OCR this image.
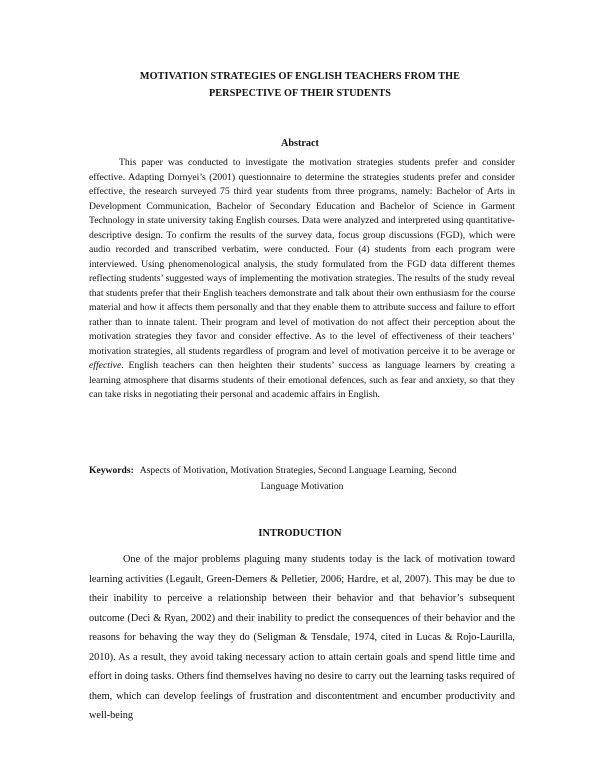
MOTIVATION STRATEGIES OF ENGLISH TEACHERS FROM THE
PERSPECTIVE OF THEIR STUDENTS
Abstract

This paper was conducted to investigate the motivation strategies students prefer and consider effective. Adapting Dornyei’s (2001) questionnaire to determine the strategies students prefer and consider effective, the research surveyed 75 third year students from three programs, namely: Bachelor of Arts in Development Communication, Bachelor of Secondary Education and Bachelor of Science in Garment Technology in state university taking English courses. Data were analyzed and interpreted using quantitative-descriptive design. To confirm the results of the survey data, focus group discussions (FGD), which were audio recorded and transcribed verbatim, were conducted. Four (4) students from each program were interviewed. Using phenomenological analysis, the study formulated from the FGD data different themes reflecting students’ suggested ways of implementing the motivation strategies. The results of the study reveal that students prefer that their English teachers demonstrate and talk about their own enthusiasm for the course material and how it affects them personally and that they enable them to attribute success and failure to effort rather than to innate talent. Their program and level of motivation do not affect their perception about the motivation strategies they favor and consider effective. As to the level of effectiveness of their teachers’ motivation strategies, all students regardless of program and level of motivation perceive it to be average or effective. English teachers can then heighten their students’ success as language learners by creating a learning atmosphere that disarms students of their emotional defences, such as fear and anxiety, so that they can take risks in negotiating their personal and academic affairs in English.

Keywords: Aspects of Motivation, Motivation Strategies, Second Language Learning, Second
Language Motivation
INTRODUCTION

One of the major problems plaguing many students today is the lack of motivation toward learning activities (Legault, Green-Demers & Pelletier, 2006; Hardre, et al, 2007). This may be due to their inability to perceive a relationship between their behavior and that behavior’s subsequent outcome (Deci & Ryan, 2002) and their inability to predict the consequences of their behavior and the reasons for behaving the way they do (Seligman & Tensdale, 1974, cited in Lucas & Rojo-Laurilla, 2010). As a result, they avoid taking necessary action to attain certain goals and spend little time and effort in doing tasks. Others find themselves having no desire to carry out the learning tasks required of them, which can develop feelings of frustration and discontentment and encumber productivity and well-being
